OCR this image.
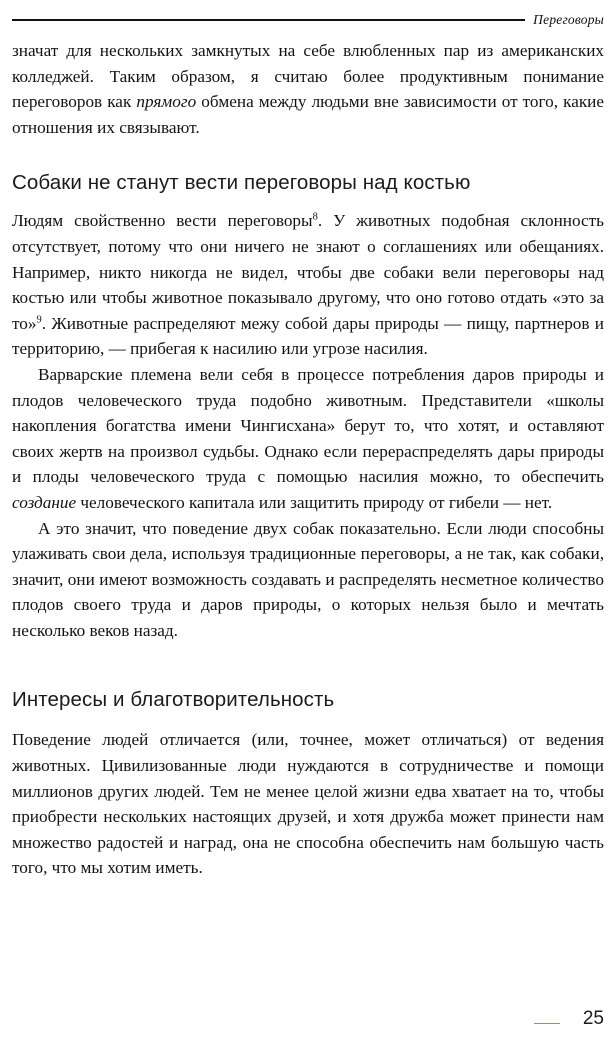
Переговоры

значат для нескольких замкнутых на себе влюбленных пар из американских колледжей. Таким образом, я считаю более продуктивным понимание переговоров как прямого обмена между людьми вне зависимости от того, какие отношения их связывают.

Собаки не станут вести переговоры над костью

Людям свойственно вести переговоры$^8$. У животных подобная склонность отсутствует, потому что они ничего не знают о соглашениях или обещаниях. Например, никто никогда не видел, чтобы две собаки вели переговоры над костью или чтобы животное показывало другому, что оно готово отдать «это за то»$^9$. Животные распределяют межу собой дары природы — пищу, партнеров и территорию, — прибегая к насилию или угрозе насилия.

Варварские племена вели себя в процессе потребления даров природы и плодов человеческого труда подобно животным. Представители «школы накопления богатства имени Чингисхана» берут то, что хотят, и оставляют своих жертв на произвол судьбы. Однако если перераспределять дары природы и плоды человеческого труда с помощью насилия можно, то обеспечить создание человеческого капитала или защитить природу от гибели — нет.

А это значит, что поведение двух собак показательно. Если люди способны улаживать свои дела, используя традиционные переговоры, а не так, как собаки, значит, они имеют возможность создавать и распределять несметное количество плодов своего труда и даров природы, о которых нельзя было и мечтать несколько веков назад.

Интересы и благотворительность

Поведение людей отличается (или, точнее, может отличаться) от ведения животных. Цивилизованные люди нуждаются в сотрудничестве и помощи миллионов других людей. Тем не менее целой жизни едва хватает на то, чтобы приобрести нескольких настоящих друзей, и хотя дружба может принести нам множество радостей и наград, она не способна обеспечить нам большую часть того, что мы хотим иметь.

25
